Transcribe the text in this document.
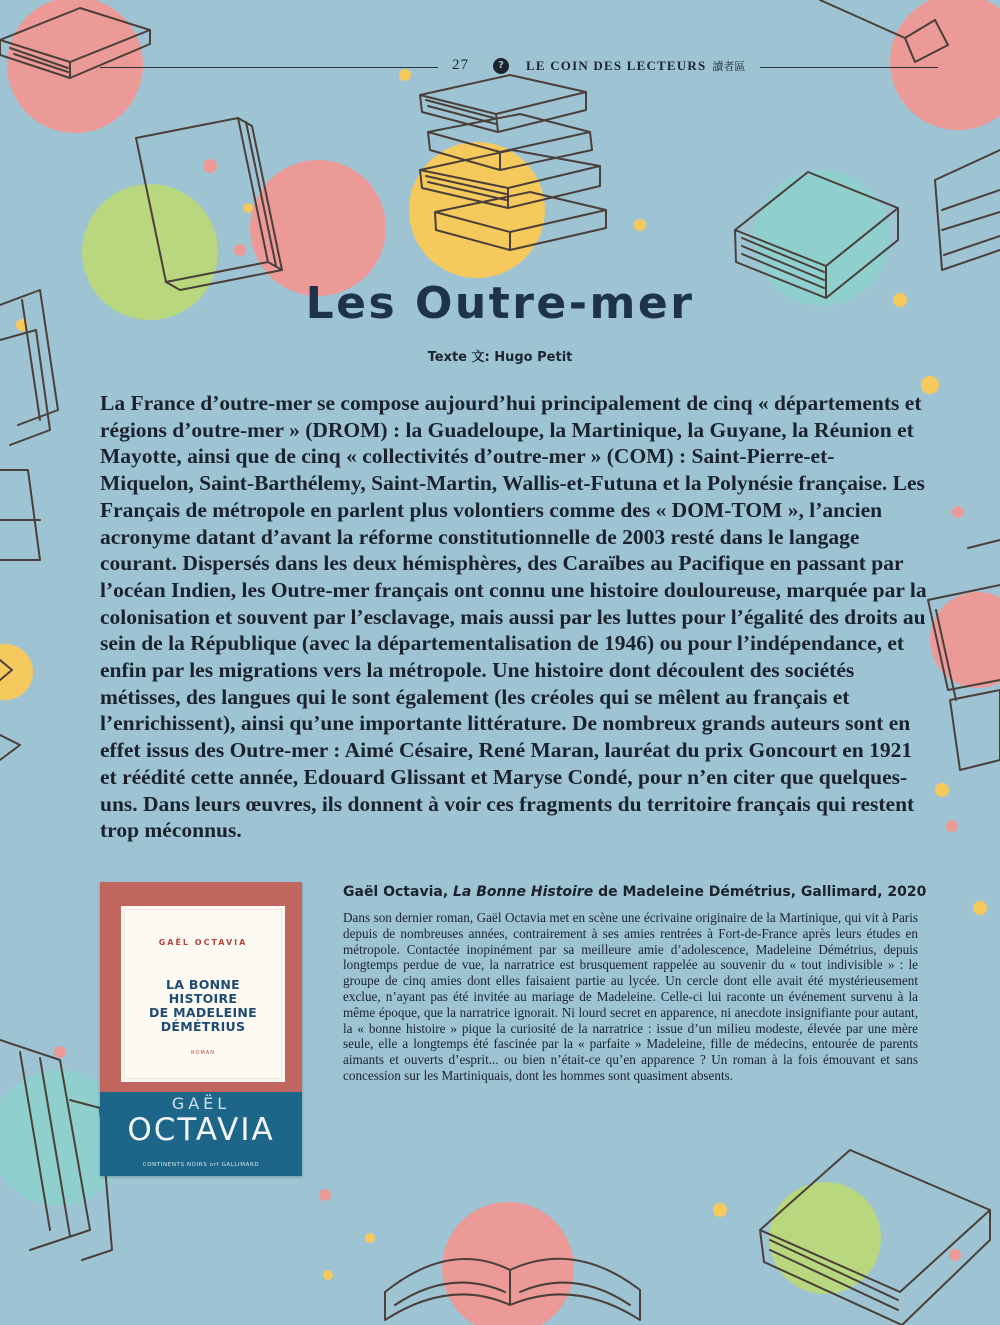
27	?	LE COIN DES LECTEURS 讀者區
Les Outre-mer
Texte 文: Hugo Petit

La France d’outre-mer se compose aujourd’hui principalement de cinq « départements et régions d’outre-mer » (DROM) : la Guadeloupe, la Martinique, la Guyane, la Réunion et Mayotte, ainsi que de cinq « collectivités d’outre-mer » (COM) : Saint-Pierre-et-Miquelon, Saint-Barthélemy, Saint-Martin, Wallis-et-Futuna et la Polynésie française. Les Français de métropole en parlent plus volontiers comme des « DOM-TOM », l’ancien acronyme datant d’avant la réforme constitutionnelle de 2003 resté dans le langage courant. Dispersés dans les deux hémisphères, des Caraïbes au Pacifique en passant par l’océan Indien, les Outre-mer français ont connu une histoire douloureuse, marquée par la colonisation et souvent par l’esclavage, mais aussi par les luttes pour l’égalité des droits au sein de la République (avec la départementalisation de 1946) ou pour l’indépendance, et enfin par les migrations vers la métropole. Une histoire dont découlent des sociétés métisses, des langues qui le sont également (les créoles qui se mêlent au français et l’enrichissent), ainsi qu’une importante littérature. De nombreux grands auteurs sont en effet issus des Outre-mer : Aimé Césaire, René Maran, lauréat du prix Goncourt en 1921 et réédité cette année, Edouard Glissant et Maryse Condé, pour n’en citer que quelques-uns. Dans leurs œuvres, ils donnent à voir ces fragments du territoire français qui restent trop méconnus.

GAËL OCTAVIA
LA BONNE
HISTOIRE
DE MADELEINE
DÉMÉTRIUS
ROMAN
GAËL
OCTAVIA
CONTINENTS NOIRS nrf GALLIMARD
Gaël Octavia, La Bonne Histoire de Madeleine Démétrius, Gallimard, 2020

Dans son dernier roman, Gaël Octavia met en scène une écrivaine originaire de la Martinique, qui vit à Paris depuis de nombreuses années, contrairement à ses amies rentrées à Fort-de-France après leurs études en métropole. Contactée inopinément par sa meilleure amie d’adolescence, Madeleine Démétrius, depuis longtemps perdue de vue, la narratrice est brusquement rappelée au souvenir du « tout indivisible » : le groupe de cinq amies dont elles faisaient partie au lycée. Un cercle dont elle avait été mystérieusement exclue, n’ayant pas été invitée au mariage de Madeleine. Celle-ci lui raconte un événement survenu à la même époque, que la narratrice ignorait. Ni lourd secret en apparence, ni anecdote insignifiante pour autant, la « bonne histoire » pique la curiosité de la narratrice : issue d’un milieu modeste, élevée par une mère seule, elle a longtemps été fascinée par la « parfaite » Madeleine, fille de médecins, entourée de parents aimants et ouverts d’esprit... ou bien n’était-ce qu’en apparence ? Un roman à la fois émouvant et sans concession sur les Martiniquais, dont les hommes sont quasiment absents.
